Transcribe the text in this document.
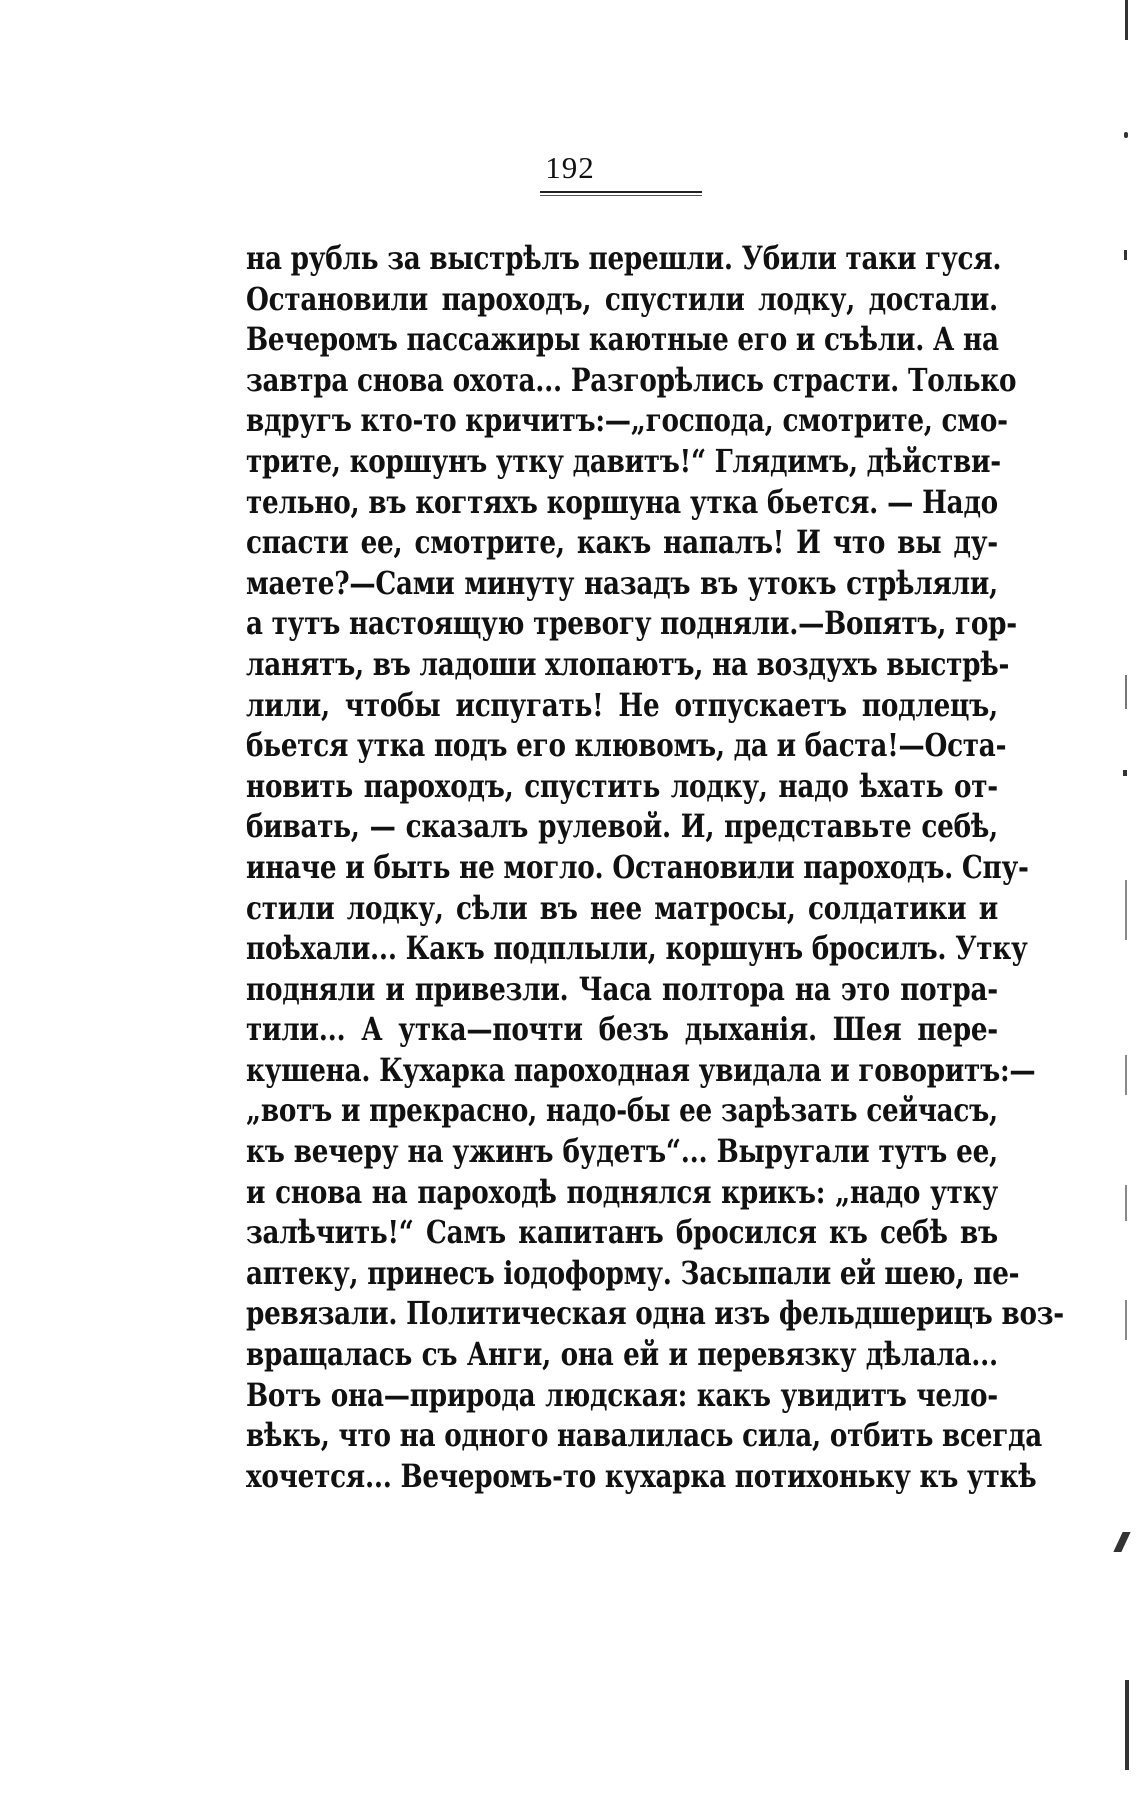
192
на рубль за выстрѣлъ перешли. Убили таки гуся.
Остановили пароходъ, спустили лодку, достали.
Вечеромъ пассажиры каютные его и съѣли. А на
завтра снова охота... Разгорѣлись страсти. Только
вдругъ кто-то кричитъ:—„господа, смотрите, смо-
трите, коршунъ утку давитъ!“ Глядимъ, дѣйстви-
тельно, въ когтяхъ коршуна утка бьется. — Надо
спасти ее, смотрите, какъ напалъ! И что вы ду-
маете?—Сами минуту назадъ въ утокъ стрѣляли,
а тутъ настоящую тревогу подняли.—Вопятъ, гор-
ланятъ, въ ладоши хлопаютъ, на воздухъ выстрѣ-
лили, чтобы испугать! Не отпускаетъ подлецъ,
бьется утка подъ его клювомъ, да и баста!—Оста-
новить пароходъ, спустить лодку, надо ѣхать от-
бивать, — сказалъ рулевой. И, представьте себѣ,
иначе и быть не могло. Остановили пароходъ. Спу-
стили лодку, сѣли въ нее матросы, солдатики и
поѣхали... Какъ подплыли, коршунъ бросилъ. Утку
подняли и привезли. Часа полтора на это потра-
тили... А утка—почти безъ дыханія. Шея пере-
кушена. Кухарка пароходная увидала и говоритъ:—
„вотъ и прекрасно, надо-бы ее зарѣзать сейчасъ,
къ вечеру на ужинъ будетъ“... Выругали тутъ ее,
и снова на пароходѣ поднялся крикъ: „надо утку
залѣчить!“ Самъ капитанъ бросился къ себѣ въ
аптеку, принесъ іодоформу. Засыпали ей шею, пе-
ревязали. Политическая одна изъ фельдшерицъ воз-
вращалась съ Анги, она ей и перевязку дѣлала...
Вотъ она—природа людская: какъ увидитъ чело-
вѣкъ, что на одного навалилась сила, отбить всегда
хочется... Вечеромъ-то кухарка потихоньку къ уткѣ
